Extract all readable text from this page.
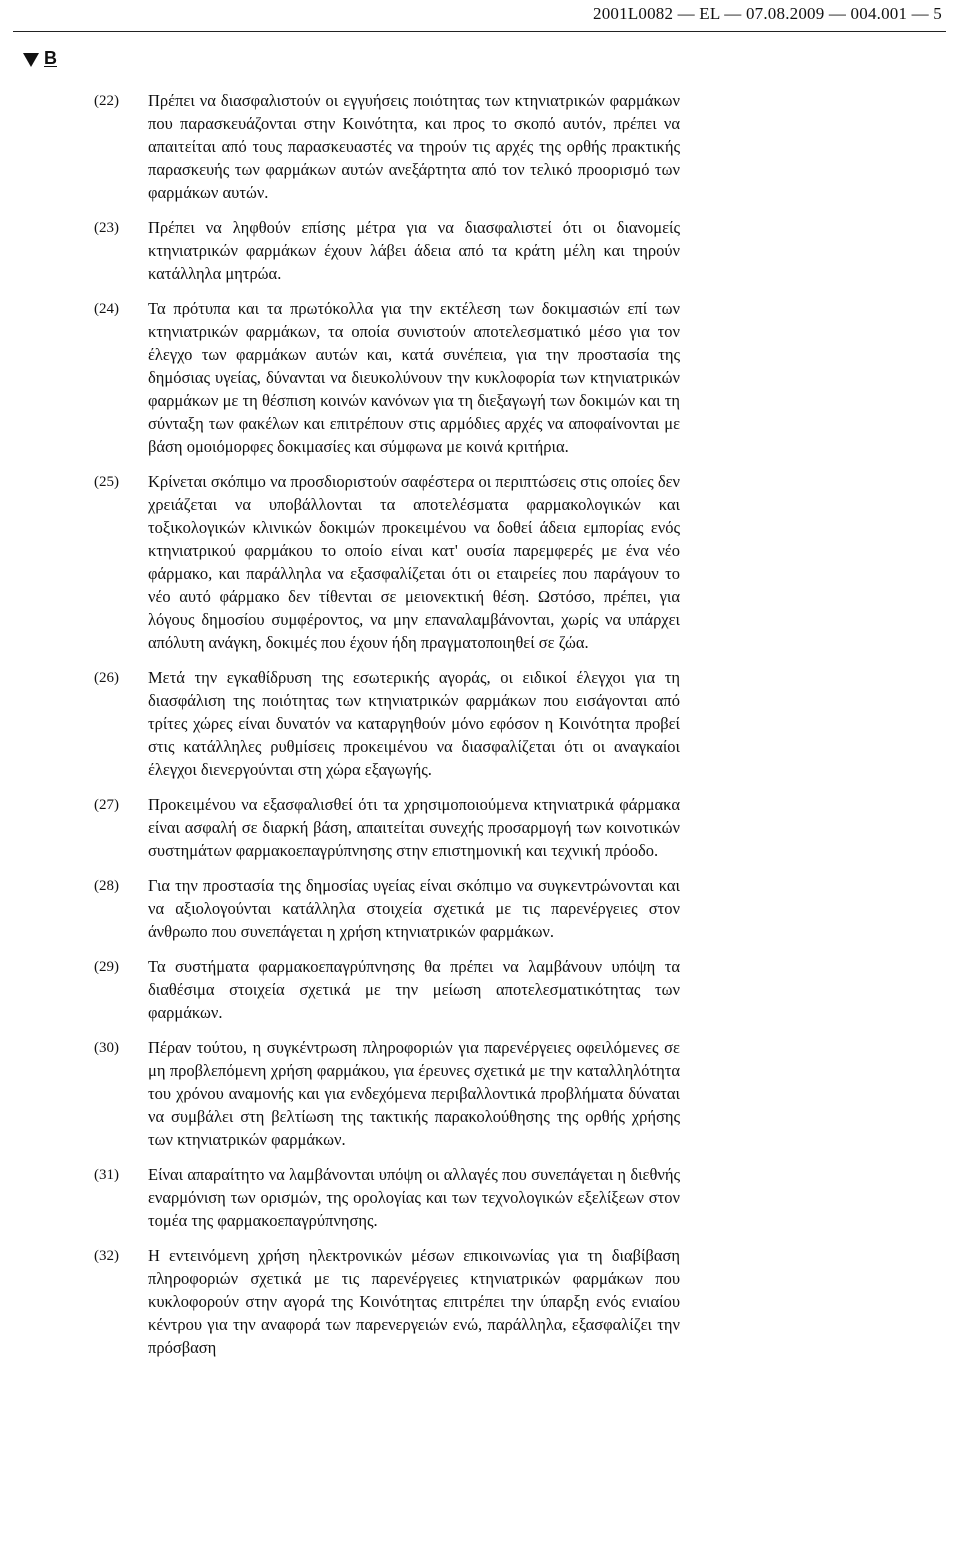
2001L0082 — EL — 07.08.2009 — 004.001 — 5
B
(22)	Πρέπει να διασφαλιστούν οι εγγυήσεις ποιότητας των κτηνιατρικών φαρμάκων που παρασκευάζονται στην Κοινότητα, και προς το σκοπό αυτόν, πρέπει να απαιτείται από τους παρασκευαστές να τηρούν τις αρχές της ορθής πρακτικής παρασκευής των φαρμάκων αυτών ανεξάρτητα από τον τελικό προορισμό των φαρμάκων αυτών.
(23)	Πρέπει να ληφθούν επίσης μέτρα για να διασφαλιστεί ότι οι διανομείς κτηνιατρικών φαρμάκων έχουν λάβει άδεια από τα κράτη μέλη και τηρούν κατάλληλα μητρώα.
(24)	Τα πρότυπα και τα πρωτόκολλα για την εκτέλεση των δοκιμασιών επί των κτηνιατρικών φαρμάκων, τα οποία συνιστούν αποτελεσματικό μέσο για τον έλεγχο των φαρμάκων αυτών και, κατά συνέπεια, για την προστασία της δημόσιας υγείας, δύνανται να διευκολύνουν την κυκλοφορία των κτηνιατρικών φαρμάκων με τη θέσπιση κοινών κανόνων για τη διεξαγωγή των δοκιμών και τη σύνταξη των φακέλων και επιτρέπουν στις αρμόδιες αρχές να αποφαίνονται με βάση ομοιόμορφες δοκιμασίες και σύμφωνα με κοινά κριτήρια.
(25)	Κρίνεται σκόπιμο να προσδιοριστούν σαφέστερα οι περιπτώσεις στις οποίες δεν χρειάζεται να υποβάλλονται τα αποτελέσματα φαρμακολογικών και τοξικολογικών κλινικών δοκιμών προκειμένου να δοθεί άδεια εμπορίας ενός κτηνιατρικού φαρμάκου το οποίο είναι κατ' ουσία παρεμφερές με ένα νέο φάρμακο, και παράλληλα να εξασφαλίζεται ότι οι εταιρείες που παράγουν το νέο αυτό φάρμακο δεν τίθενται σε μειονεκτική θέση. Ωστόσο, πρέπει, για λόγους δημοσίου συμφέροντος, να μην επαναλαμβάνονται, χωρίς να υπάρχει απόλυτη ανάγκη, δοκιμές που έχουν ήδη πραγματοποιηθεί σε ζώα.
(26)	Μετά την εγκαθίδρυση της εσωτερικής αγοράς, οι ειδικοί έλεγχοι για τη διασφάλιση της ποιότητας των κτηνιατρικών φαρμάκων που εισάγονται από τρίτες χώρες είναι δυνατόν να καταργηθούν μόνο εφόσον η Κοινότητα προβεί στις κατάλληλες ρυθμίσεις προκειμένου να διασφαλίζεται ότι οι αναγκαίοι έλεγχοι διενεργούνται στη χώρα εξαγωγής.
(27)	Προκειμένου να εξασφαλισθεί ότι τα χρησιμοποιούμενα κτηνιατρικά φάρμακα είναι ασφαλή σε διαρκή βάση, απαιτείται συνεχής προσαρμογή των κοινοτικών συστημάτων φαρμακοεπαγρύπνησης στην επιστημονική και τεχνική πρόοδο.
(28)	Για την προστασία της δημοσίας υγείας είναι σκόπιμο να συγκεντρώνονται και να αξιολογούνται κατάλληλα στοιχεία σχετικά με τις παρενέργειες στον άνθρωπο που συνεπάγεται η χρήση κτηνιατρικών φαρμάκων.
(29)	Τα συστήματα φαρμακοεπαγρύπνησης θα πρέπει να λαμβάνουν υπόψη τα διαθέσιμα στοιχεία σχετικά με την μείωση αποτελεσματικότητας των φαρμάκων.
(30)	Πέραν τούτου, η συγκέντρωση πληροφοριών για παρενέργειες οφειλόμενες σε μη προβλεπόμενη χρήση φαρμάκου, για έρευνες σχετικά με την καταλληλότητα του χρόνου αναμονής και για ενδεχόμενα περιβαλλοντικά προβλήματα δύναται να συμβάλει στη βελτίωση της τακτικής παρακολούθησης της ορθής χρήσης των κτηνιατρικών φαρμάκων.
(31)	Είναι απαραίτητο να λαμβάνονται υπόψη οι αλλαγές που συνεπάγεται η διεθνής εναρμόνιση των ορισμών, της ορολογίας και των τεχνολογικών εξελίξεων στον τομέα της φαρμακοεπαγρύπνησης.
(32)	Η εντεινόμενη χρήση ηλεκτρονικών μέσων επικοινωνίας για τη διαβίβαση πληροφοριών σχετικά με τις παρενέργειες κτηνιατρικών φαρμάκων που κυκλοφορούν στην αγορά της Κοινότητας επιτρέπει την ύπαρξη ενός ενιαίου κέντρου για την αναφορά των παρενεργειών ενώ, παράλληλα, εξασφαλίζει την πρόσβαση
